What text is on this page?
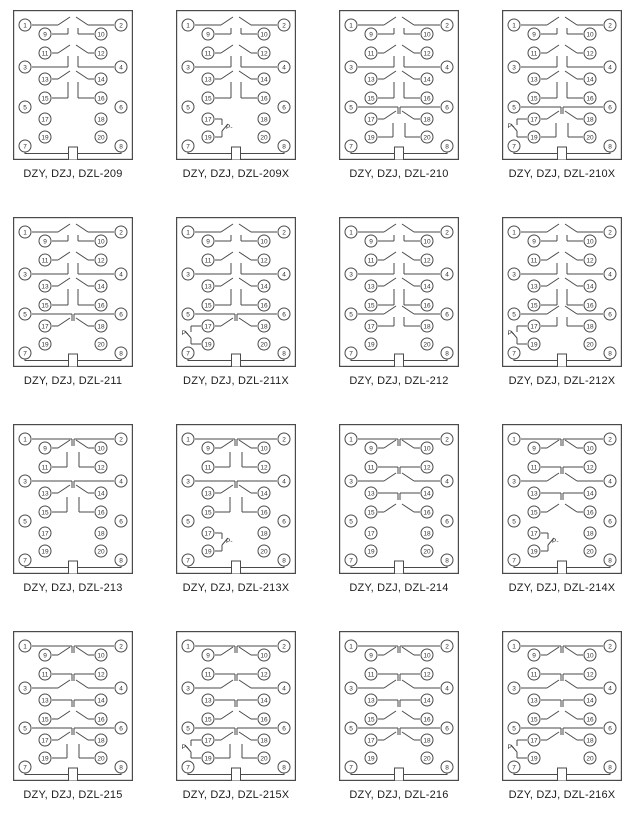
1	2
3	4
5	6
7	8
9	10
11	12
13	14
15	16
17	18
19	20
DZY, DZJ, DZL-209
P-
1	2
3	4
5	6
7	8
9	10
11	12
13	14
15	16
17	18
19	20
DZY, DZJ, DZL-209X
1	2
3	4
5	6
7	8
9	10
11	12
13	14
15	16
17	18
19	20
DZY, DZJ, DZL-210
P-
1	2
3	4
5	6
7	8
9	10
11	12
13	14
15	16
17	18
19	20
DZY, DZJ, DZL-210X
1	2
3	4
5	6
7	8
9	10
11	12
13	14
15	16
17	18
19	20
DZY, DZJ, DZL-211
P-
1	2
3	4
5	6
7	8
9	10
11	12
13	14
15	16
17	18
19	20
DZY, DZJ, DZL-211X
1	2
3	4
5	6
7	8
9	10
11	12
13	14
15	16
17	18
19	20
DZY, DZJ, DZL-212
P-
1	2
3	4
5	6
7	8
9	10
11	12
13	14
15	16
17	18
19	20
DZY, DZJ, DZL-212X
1	2
3	4
5	6
7	8
9	10
11	12
13	14
15	16
17	18
19	20
DZY, DZJ, DZL-213
P-
1	2
3	4
5	6
7	8
9	10
11	12
13	14
15	16
17	18
19	20
DZY, DZJ, DZL-213X
1	2
3	4
5	6
7	8
9	10
11	12
13	14
15	16
17	18
19	20
DZY, DZJ, DZL-214
P-
1	2
3	4
5	6
7	8
9	10
11	12
13	14
15	16
17	18
19	20
DZY, DZJ, DZL-214X
1	2
3	4
5	6
7	8
9	10
11	12
13	14
15	16
17	18
19	20
DZY, DZJ, DZL-215
P-
1	2
3	4
5	6
7	8
9	10
11	12
13	14
15	16
17	18
19	20
DZY, DZJ, DZL-215X
1	2
3	4
5	6
7	8
9	10
11	12
13	14
15	16
17	18
19	20
DZY, DZJ, DZL-216
P-
1	2
3	4
5	6
7	8
9	10
11	12
13	14
15	16
17	18
19	20
DZY, DZJ, DZL-216X
